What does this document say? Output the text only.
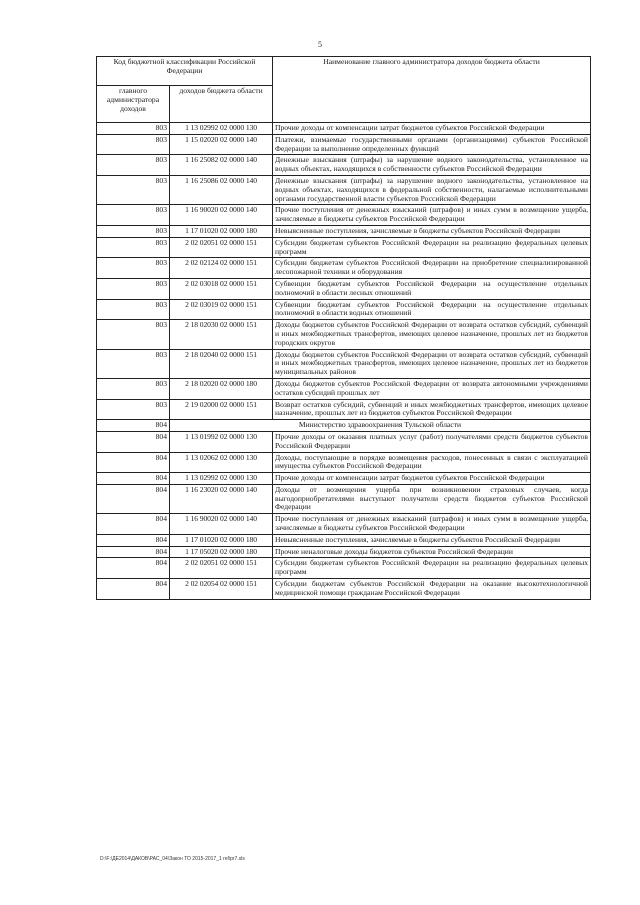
5
Код бюджетной классификации Российской Федерации		Наименование главного администратора доходов бюджета области
главного администратора доходов	доходов бюджета области	
803	1 13 02992 02 0000 130	Прочие доходы от компенсации затрат бюджетов субъектов Российской Федерации
803	1 15 02020 02 0000 140	Платежи, взимаемые государственными органами (организациями) субъектов Российской Федерации за выполнение определенных функций
803	1 16 25082 02 0000 140	Денежные взыскания (штрафы) за нарушение водного законодательства, установленное на водных объектах, находящихся в собственности субъектов Российской Федерации
803	1 16 25086 02 0000 140	Денежные взыскания (штрафы) за нарушение водного законодательства, установленное на водных объектах, находящихся в федеральной собственности, налагаемые исполнительными органами государственной власти субъектов Российской Федерации
803	1 16 90020 02 0000 140	Прочие поступления от денежных взысканий (штрафов) и иных сумм в возмещение ущерба, зачисляемые в бюджеты субъектов Российской Федерации
803	1 17 01020 02 0000 180	Невыясненные поступления, зачисляемые в бюджеты субъектов Российской Федерации
803	2 02 02051 02 0000 151	Субсидии бюджетам субъектов Российской Федерации на реализацию федеральных целевых программ
803	2 02 02124 02 0000 151	Субсидии бюджетам субъектов Российской Федерации на приобретение специализированной лесопожарной техники и оборудования
803	2 02 03018 02 0000 151	Субвенции бюджетам субъектов Российской Федерации на осуществление отдельных полномочий в области лесных отношений
803	2 02 03019 02 0000 151	Субвенции бюджетам субъектов Российской Федерации на осуществление отдельных полномочий в области водных отношений
803	2 18 02030 02 0000 151	Доходы бюджетов субъектов Российской Федерации от возврата остатков субсидий, субвенций и иных межбюджетных трансфертов, имеющих целевое назначение, прошлых лет из бюджетов городских округов
803	2 18 02040 02 0000 151	Доходы бюджетов субъектов Российской Федерации от возврата остатков субсидий, субвенций и иных межбюджетных трансфертов, имеющих целевое назначение, прошлых лет из бюджетов муниципальных районов
803	2 18 02020 02 0000 180	Доходы бюджетов субъектов Российской Федерации от возврата автономными учреждениями остатков субсидий прошлых лет
803	2 19 02000 02 0000 151	Возврат остатков субсидий, субвенций и иных межбюджетных трансфертов, имеющих целевое назначение, прошлых лет из бюджетов субъектов Российской Федерации
804	Министерство здравоохранения Тульской области	
804	1 13 01992 02 0000 130	Прочие доходы от оказания платных услуг (работ) получателями средств бюджетов субъектов Российской Федерации
804	1 13 02062 02 0000 130	Доходы, поступающие в порядке возмещения расходов, понесенных в связи с эксплуатацией имущества субъектов Российской Федерации
804	1 13 02992 02 0000 130	Прочие доходы от компенсации затрат бюджетов субъектов Российской Федерации
804	1 16 23020 02 0000 140	Доходы от возмещения ущерба при возникновении страховых случаев, когда выгодоприобретателями выступают получатели средств бюджетов субъектов Российской Федерации
804	1 16 90020 02 0000 140	Прочие поступления от денежных взысканий (штрафов) и иных сумм в возмещение ущерба, зачисляемые в бюджеты субъектов Российской Федерации
804	1 17 01020 02 0000 180	Невыясненные поступления, зачисляемые в бюджеты субъектов Российской Федерации
804	1 17 05020 02 0000 180	Прочие неналоговые доходы бюджетов субъектов Российской Федерации
804	2 02 02051 02 0000 151	Субсидии бюджетам субъектов Российской Федерации на реализацию федеральных целевых программ
804	2 02 02054 02 0000 151	Субсидии бюджетам субъектов Российской Федерации на оказание высокотехнологичной медицинской помощи гражданам Российской Федерации
D:\F:\ДЕ2014\ДАКОВ\РАС_04\Закон ТО 2015-2017_1 rel\pr7.xls
